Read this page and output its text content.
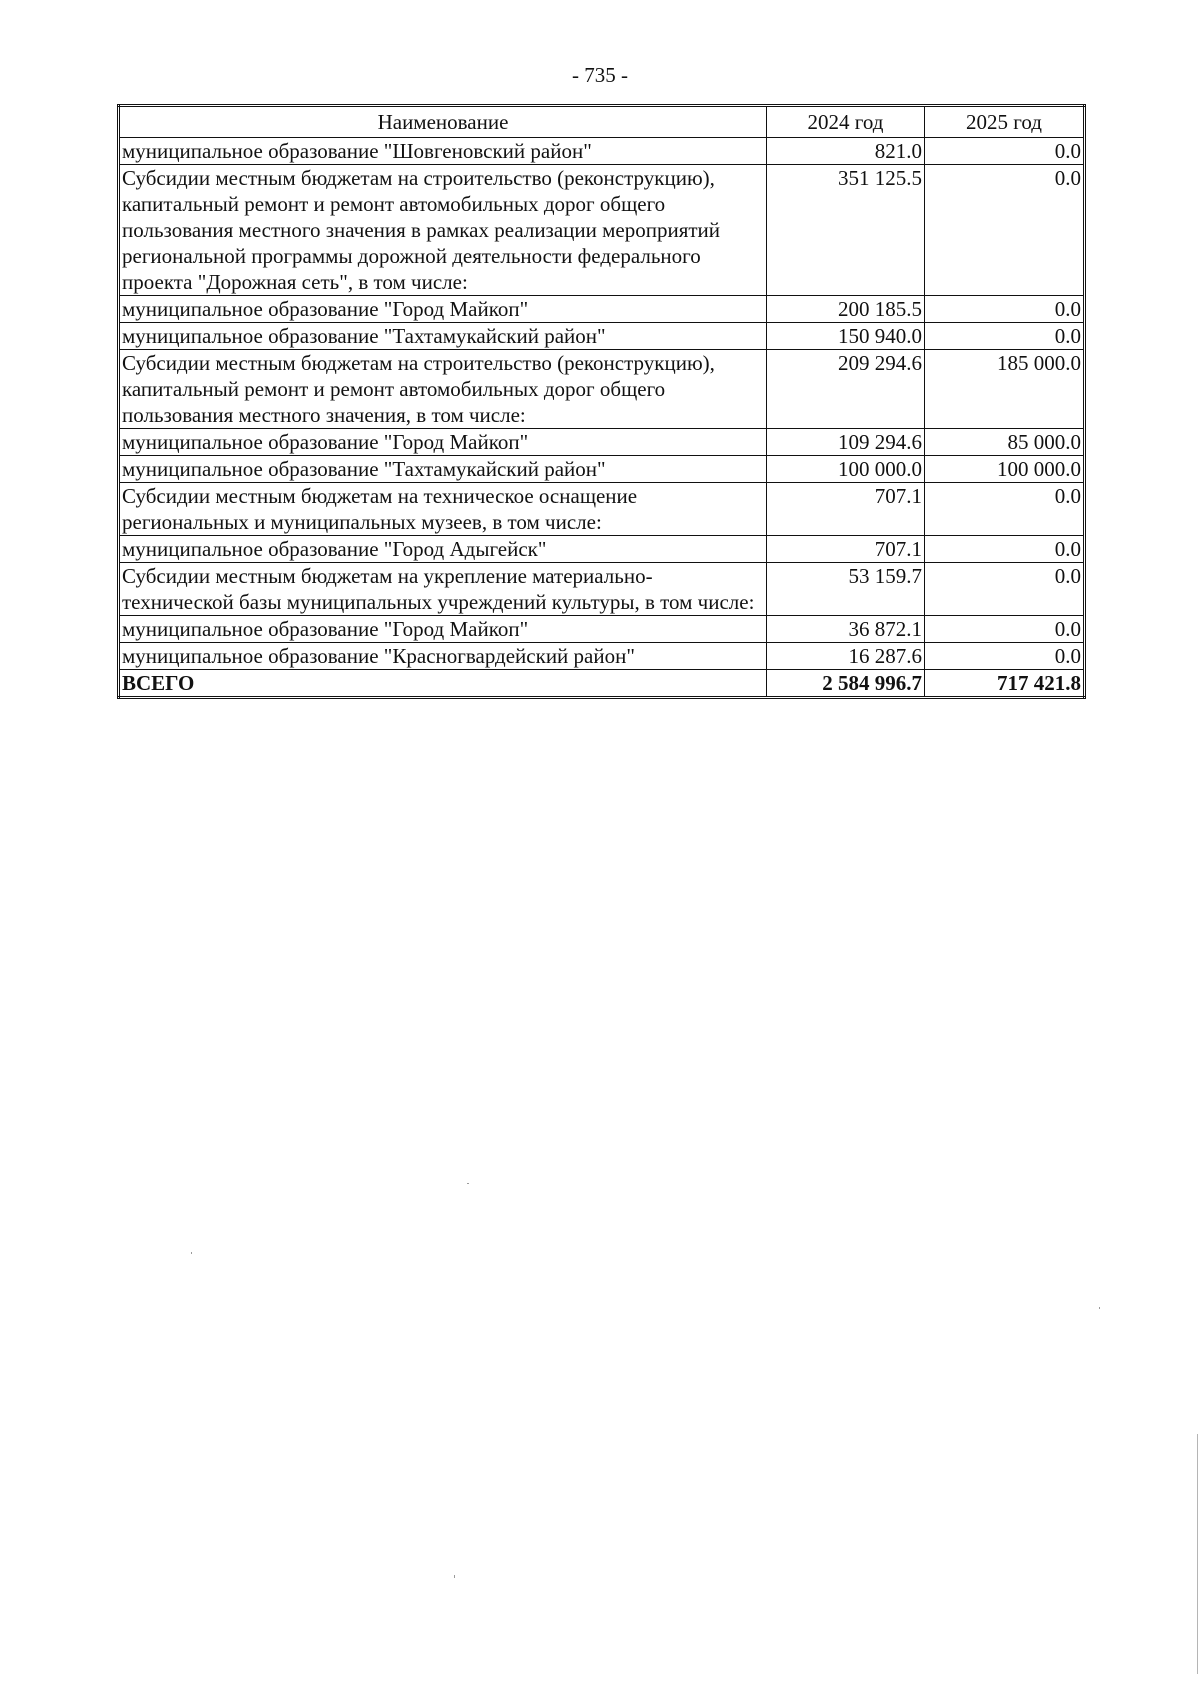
- 735 -
Наименование	2024 год	2025 год
муниципальное образование "Шовгеновский район"	821.0	0.0
Субсидии местным бюджетам на строительство (реконструкцию), капитальный ремонт и ремонт автомобильных дорог общего пользования местного значения в рамках реализации мероприятий региональной программы дорожной деятельности федерального проекта "Дорожная сеть", в том числе:	351 125.5	0.0
муниципальное образование "Город Майкоп"	200 185.5	0.0
муниципальное образование "Тахтамукайский район"	150 940.0	0.0
Субсидии местным бюджетам на строительство (реконструкцию), капитальный ремонт и ремонт автомобильных дорог общего пользования местного значения, в том числе:	209 294.6	185 000.0
муниципальное образование "Город Майкоп"	109 294.6	85 000.0
муниципальное образование "Тахтамукайский район"	100 000.0	100 000.0
Субсидии местным бюджетам на техническое оснащение региональных и муниципальных музеев, в том числе:	707.1	0.0
муниципальное образование "Город Адыгейск"	707.1	0.0
Субсидии местным бюджетам на укрепление материально-технической базы муниципальных учреждений культуры, в том числе:	53 159.7	0.0
муниципальное образование "Город Майкоп"	36 872.1	0.0
муниципальное образование "Красногвардейский район"	16 287.6	0.0
ВСЕГО	2 584 996.7	717 421.8
